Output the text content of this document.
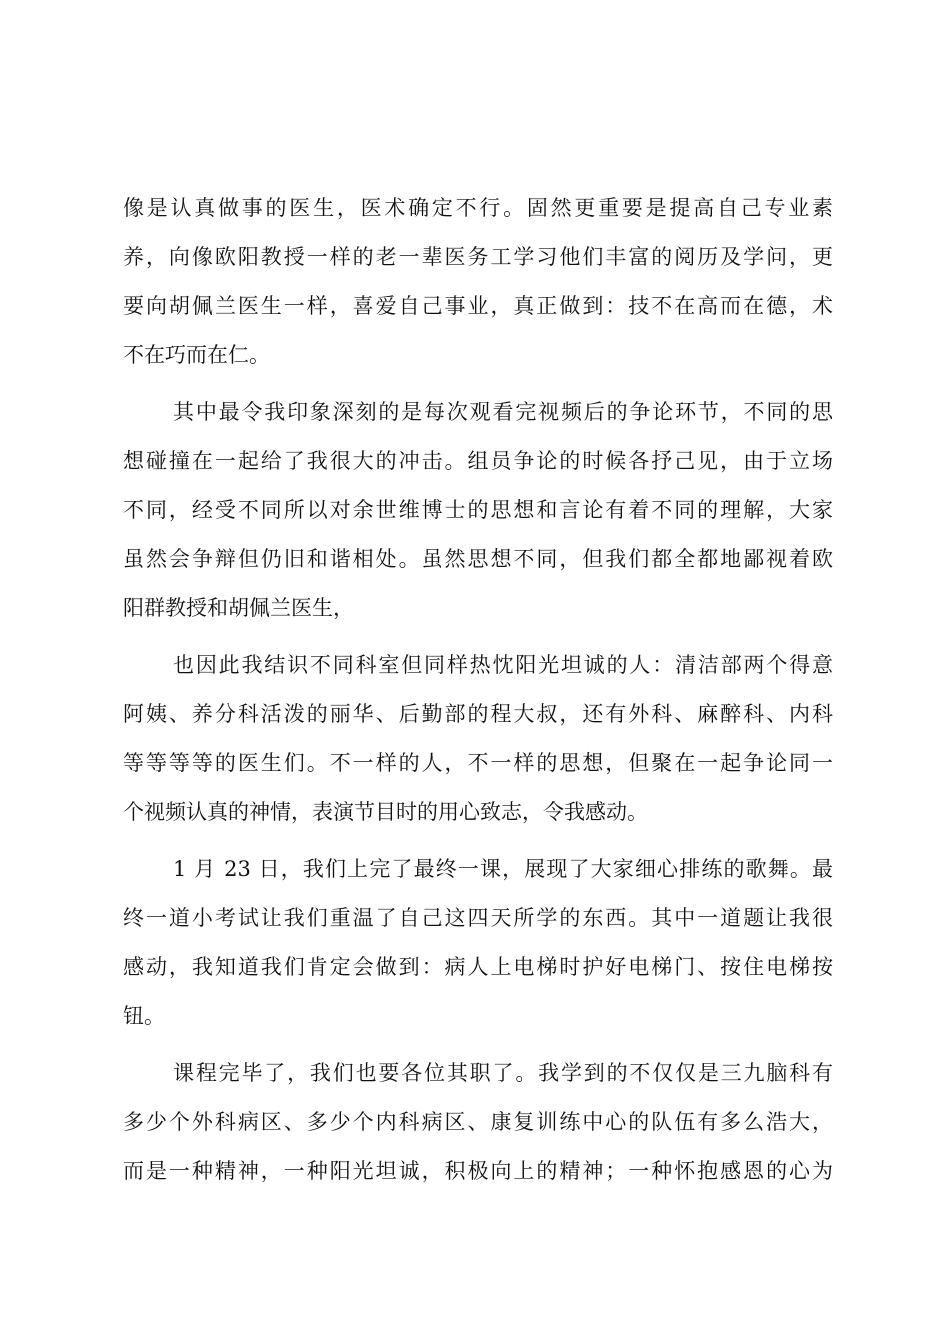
像是认真做事的医生，医术确定不行。固然更重要是提高自己专业素
养，向像欧阳教授一样的老一辈医务工学习他们丰富的阅历及学问，更
要向胡佩兰医生一样，喜爱自己事业，真正做到：技不在高而在德，术
不在巧而在仁。
其中最令我印象深刻的是每次观看完视频后的争论环节，不同的思
想碰撞在一起给了我很大的冲击。组员争论的时候各抒己见，由于立场
不同，经受不同所以对余世维博士的思想和言论有着不同的理解，大家
虽然会争辩但仍旧和谐相处。虽然思想不同，但我们都全都地鄙视着欧
阳群教授和胡佩兰医生，
也因此我结识不同科室但同样热忱阳光坦诚的人：清洁部两个得意
阿姨、养分科活泼的丽华、后勤部的程大叔，还有外科、麻醉科、内科
等等等等的医生们。不一样的人，不一样的思想，但聚在一起争论同一
个视频认真的神情，表演节目时的用心致志，令我感动。
1 月 23 日，我们上完了最终一课，展现了大家细心排练的歌舞。最
终一道小考试让我们重温了自己这四天所学的东西。其中一道题让我很
感动，我知道我们肯定会做到：病人上电梯时护好电梯门、按住电梯按
钮。
课程完毕了，我们也要各位其职了。我学到的不仅仅是三九脑科有
多少个外科病区、多少个内科病区、康复训练中心的队伍有多么浩大，
而是一种精神，一种阳光坦诚，积极向上的精神；一种怀抱感恩的心为
